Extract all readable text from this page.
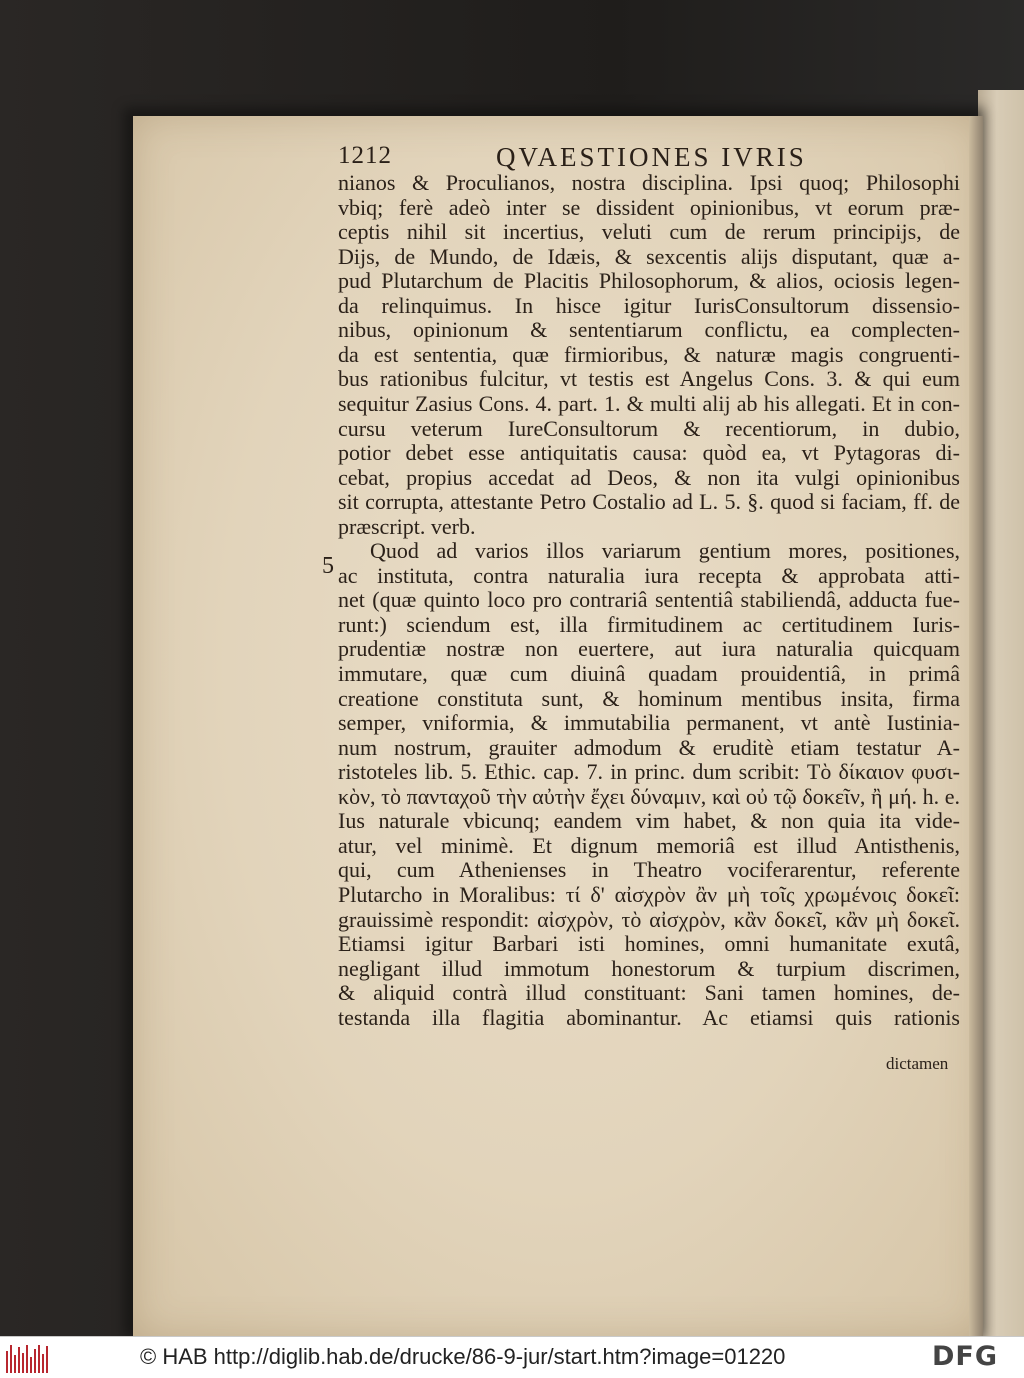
1212	QVAESTIONES IVRIS
5
nianos & Proculianos, nostra disciplina. Ipsi quoq; Philosophi
vbiq; ferè adeò inter se dissident opinionibus, vt eorum præ-
ceptis nihil sit incertius, veluti cum de rerum principijs, de
Dijs, de Mundo, de Idæis, & sexcentis alijs disputant, quæ a-
pud Plutarchum de Placitis Philosophorum, & alios, ociosis legen-
da relinquimus. In hisce igitur IurisConsultorum dissensio-
nibus, opinionum & sententiarum conflictu, ea complecten-
da est sententia, quæ firmioribus, & naturæ magis congruenti-
bus rationibus fulcitur, vt testis est Angelus Cons. 3. & qui eum
sequitur Zasius Cons. 4. part. 1. & multi alij ab his allegati. Et in con-
cursu veterum IureConsultorum & recentiorum, in dubio,
potior debet esse antiquitatis causa: quòd ea, vt Pytagoras di-
cebat, propius accedat ad Deos, & non ita vulgi opinionibus
sit corrupta, attestante Petro Costalio ad L. 5. §. quod si faciam, ff. de
præscript. verb.
Quod ad varios illos variarum gentium mores, positiones,
ac instituta, contra naturalia iura recepta & approbata atti-
net (quæ quinto loco pro contrariâ sententiâ stabiliendâ, adducta fue-
runt:) sciendum est, illa firmitudinem ac certitudinem Iuris-
prudentiæ nostræ non euertere, aut iura naturalia quicquam
immutare, quæ cum diuinâ quadam prouidentiâ, in primâ
creatione constituta sunt, & hominum mentibus insita, firma
semper, vniformia, & immutabilia permanent, vt antè Iustinia-
num nostrum, grauiter admodum & eruditè etiam testatur A-
ristoteles lib. 5. Ethic. cap. 7. in princ. dum scribit: Τὸ δίκαιον φυσι-
κὸν, τὸ πανταχοῦ τὴν αὐτὴν ἔχει δύναμιν, καὶ οὐ τῷ δοκεῖν, ἢ μή. h. e.
Ius naturale vbicunq; eandem vim habet, & non quia ita vide-
atur, vel minimè. Et dignum memoriâ est illud Antisthenis,
qui, cum Athenienses in Theatro vociferarentur, referente
Plutarcho in Moralibus: τί δ' αἰσχρὸν ἂν μὴ τοῖς χρωμένοις δοκεῖ:
grauissimè respondit: αἰσχρὸν, τὸ αἰσχρὸν, κἂν δοκεῖ, κἂν μὴ δοκεῖ.
Etiamsi igitur Barbari isti homines, omni humanitate exutâ,
negligant illud immotum honestorum & turpium discrimen,
& aliquid contrà illud constituant: Sani tamen homines, de-
testanda illa flagitia abominantur. Ac etiamsi quis rationis
dictamen
© HAB http://diglib.hab.de/drucke/86-9-jur/start.htm?image=01220	DFG
